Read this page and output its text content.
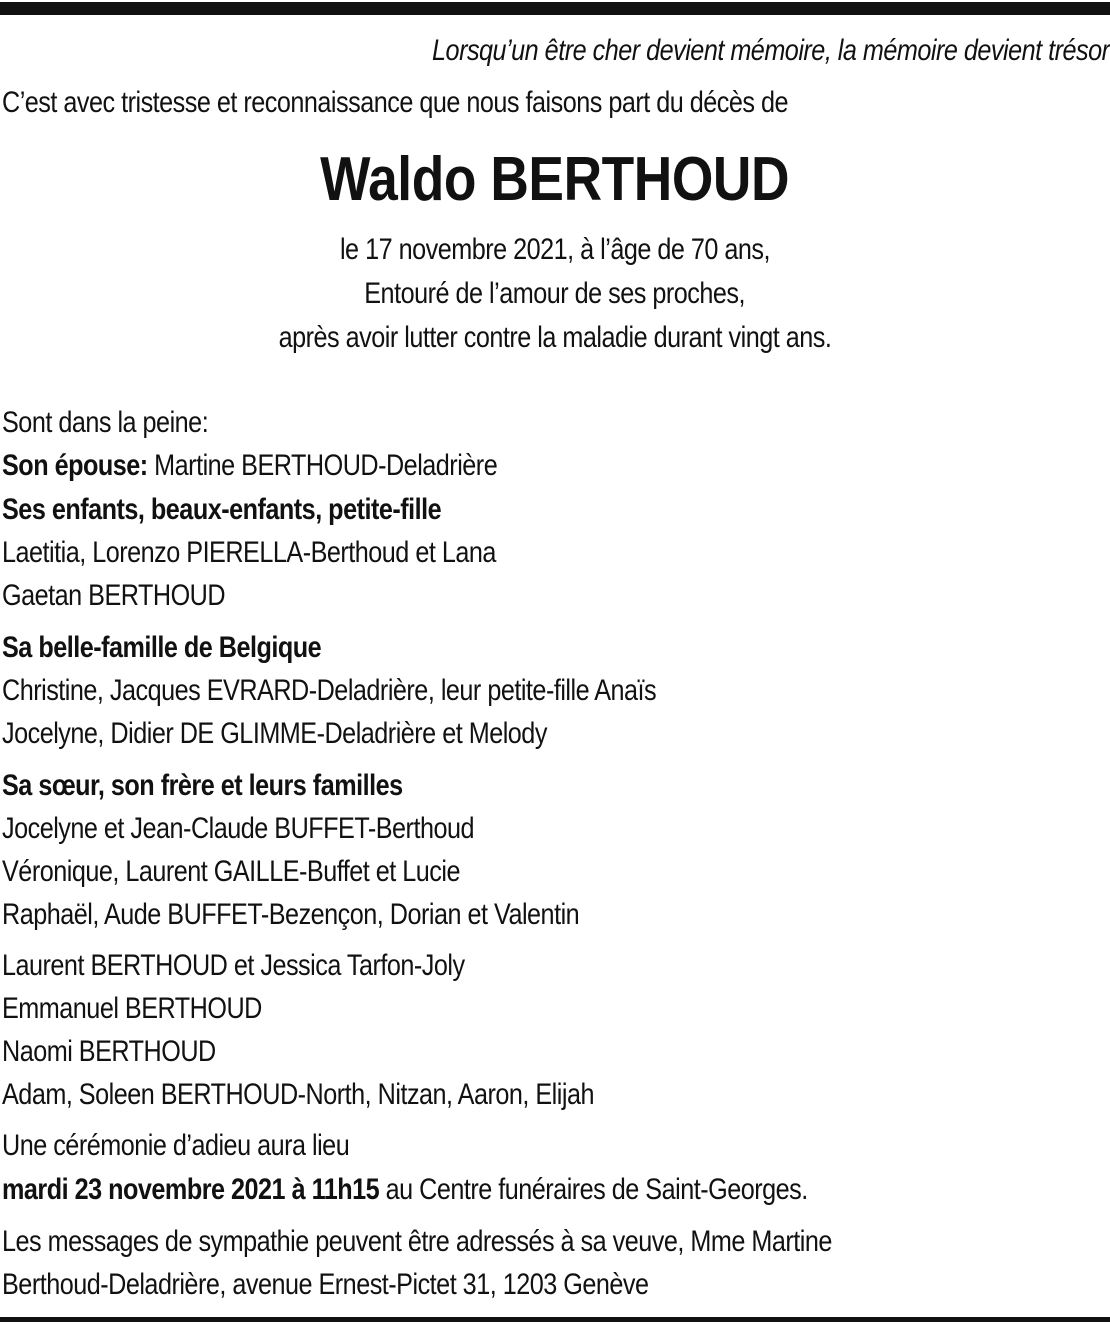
Lorsqu’un être cher devient mémoire, la mémoire devient trésor
C’est avec tristesse et reconnaissance que nous faisons part du décès de
Waldo BERTHOUD
le 17 novembre 2021, à l’âge de 70 ans,
Entouré de l’amour de ses proches,
après avoir lutter contre la maladie durant vingt ans.
Sont dans la peine:
Son épouse: Martine BERTHOUD-Deladrière
Ses enfants, beaux-enfants, petite-fille
Laetitia, Lorenzo PIERELLA-Berthoud et Lana
Gaetan BERTHOUD
Sa belle-famille de Belgique
Christine, Jacques EVRARD-Deladrière, leur petite-fille Anaïs
Jocelyne, Didier DE GLIMME-Deladrière et Melody
Sa sœur, son frère et leurs familles
Jocelyne et Jean-Claude BUFFET-Berthoud
Véronique, Laurent GAILLE-Buffet et Lucie
Raphaël, Aude BUFFET-Bezençon, Dorian et Valentin
Laurent BERTHOUD et Jessica Tarfon-Joly
Emmanuel BERTHOUD
Naomi BERTHOUD
Adam, Soleen BERTHOUD-North, Nitzan, Aaron, Elijah
Une cérémonie d’adieu aura lieu
mardi 23 novembre 2021 à 11h15 au Centre funéraires de Saint-Georges.
Les messages de sympathie peuvent être adressés à sa veuve, Mme Martine
Berthoud-Deladrière, avenue Ernest-Pictet 31, 1203 Genève
